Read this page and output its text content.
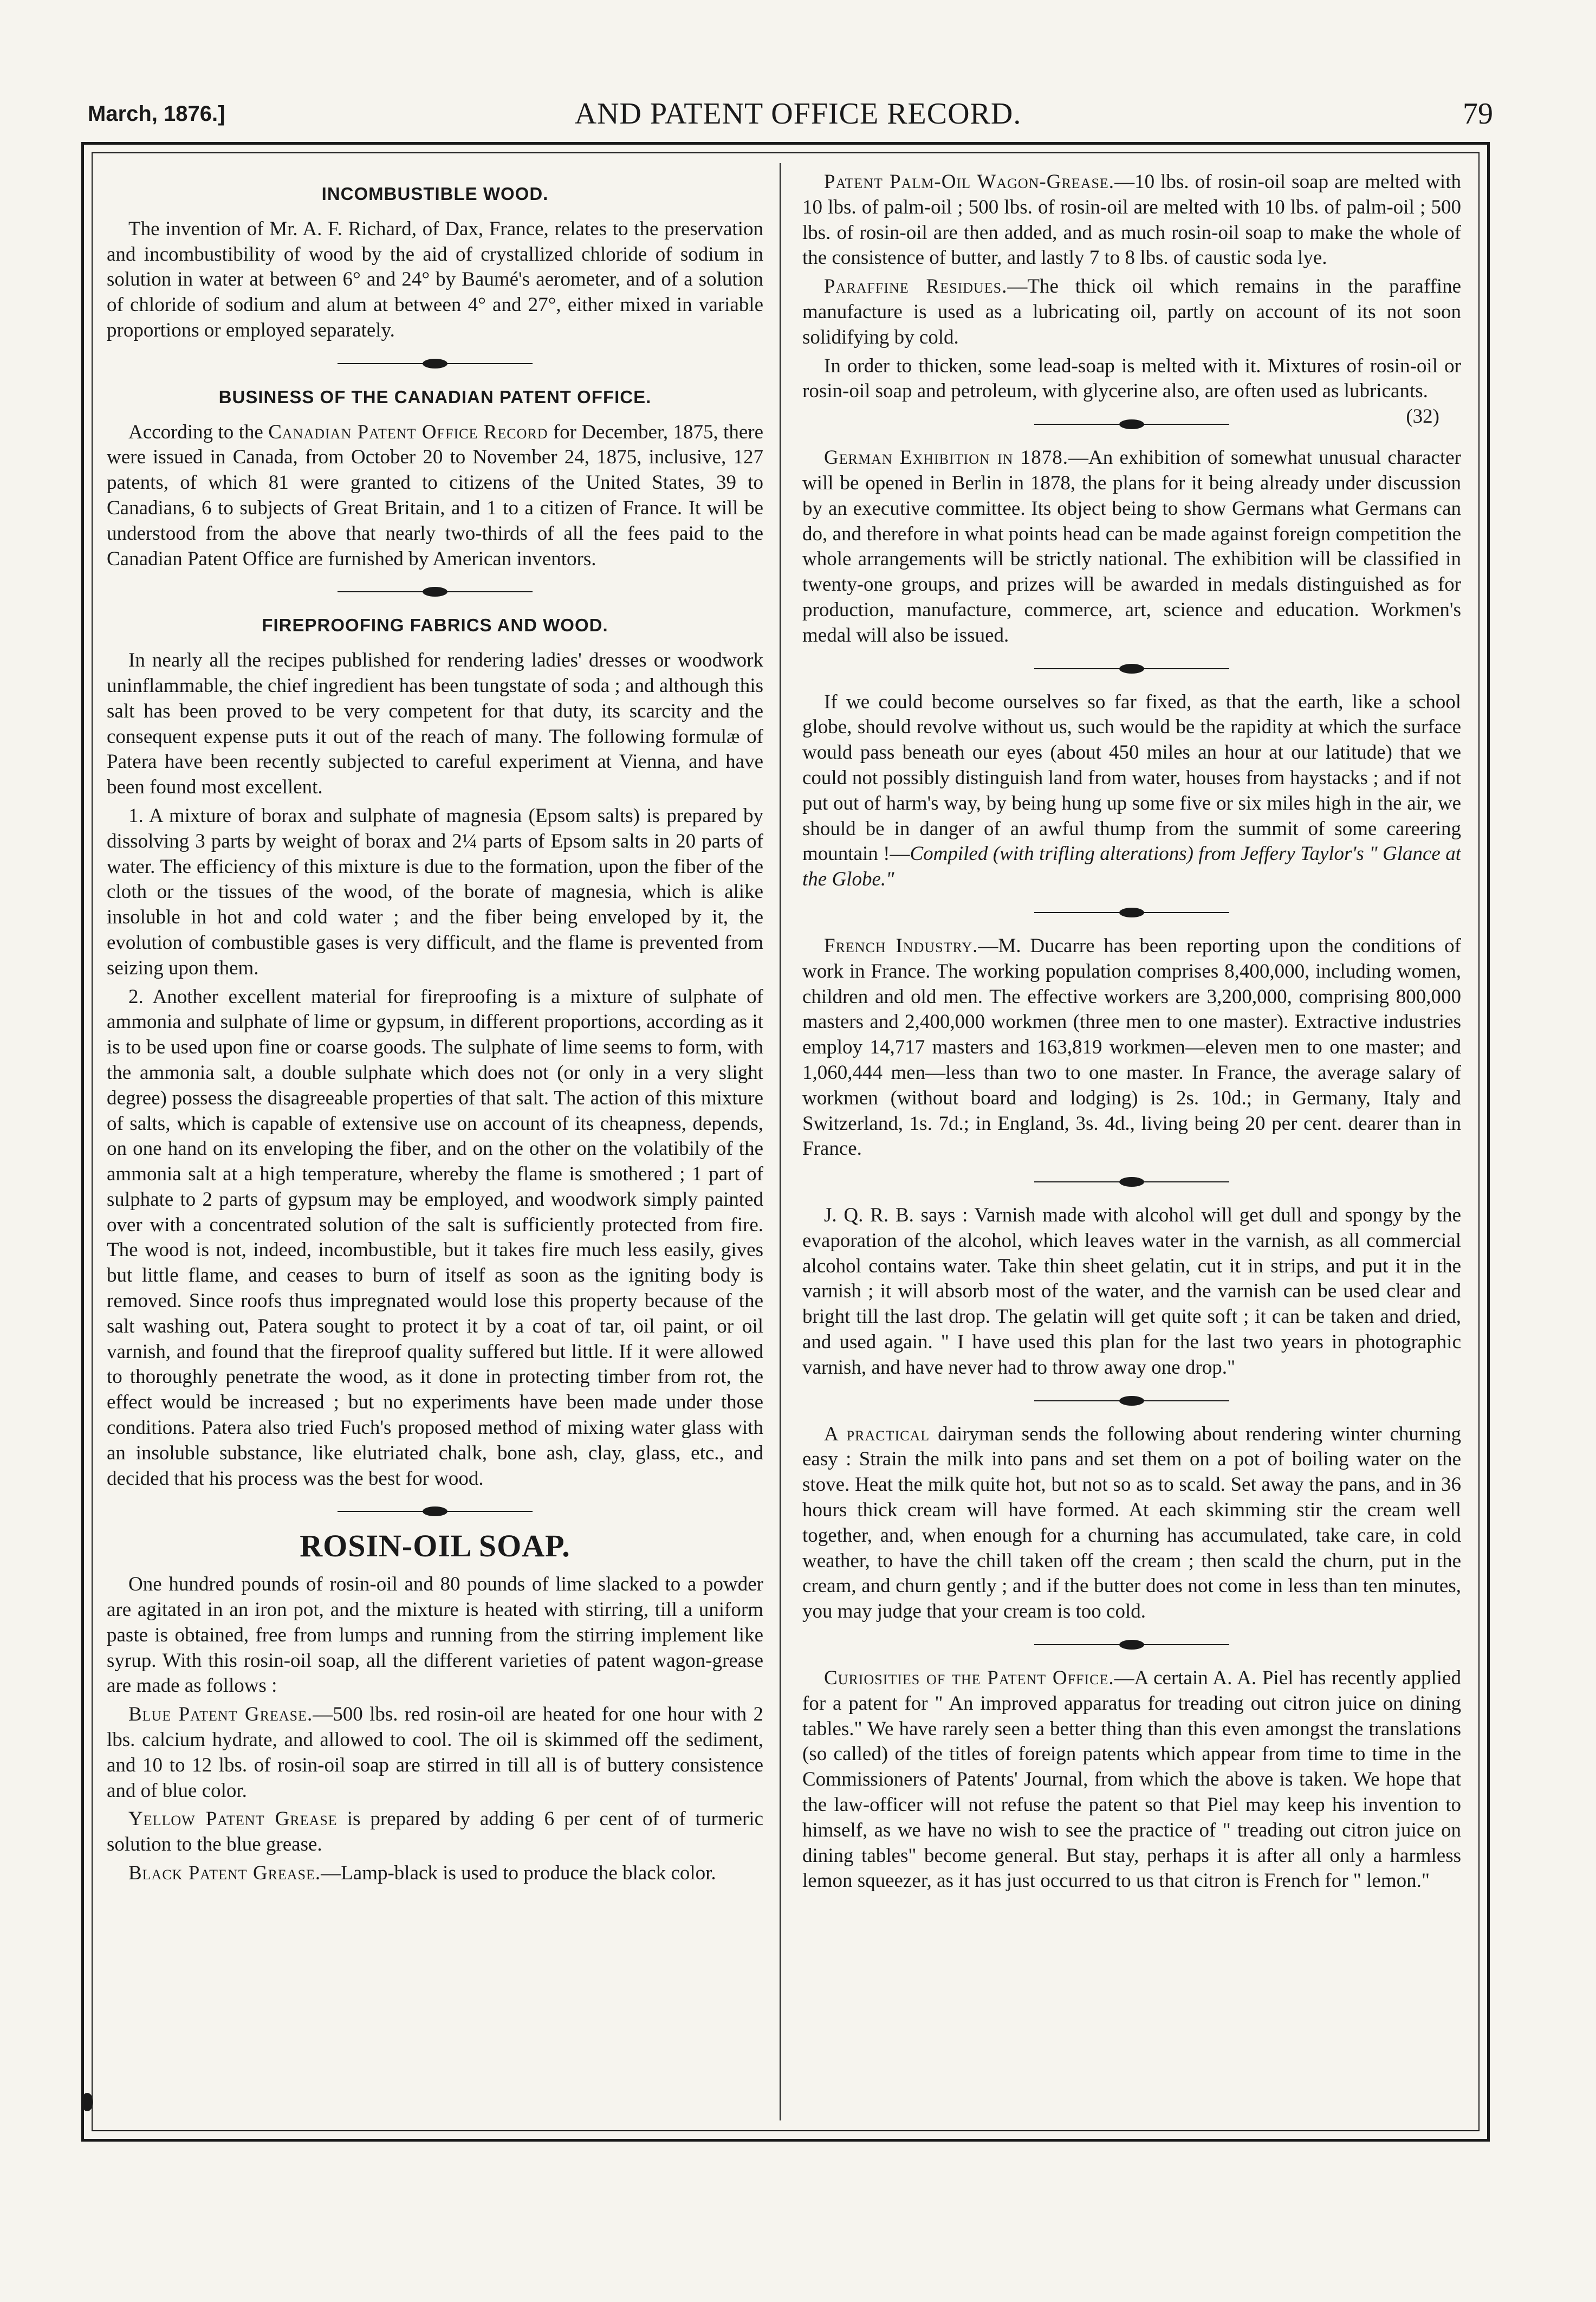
March, 1876.]	AND PATENT OFFICE RECORD.	79
INCOMBUSTIBLE WOOD.

The invention of Mr. A. F. Richard, of Dax, France, relates to the preservation and incombustibility of wood by the aid of crystallized chloride of sodium in solution in water at between 6° and 24° by Baumé's aerometer, and of a solution of chloride of sodium and alum at between 4° and 27°, either mixed in variable proportions or employed separately.

BUSINESS OF THE CANADIAN PATENT OFFICE.

According to the Canadian Patent Office Record for December, 1875, there were issued in Canada, from October 20 to November 24, 1875, inclusive, 127 patents, of which 81 were granted to citizens of the United States, 39 to Canadians, 6 to subjects of Great Britain, and 1 to a citizen of France. It will be understood from the above that nearly two-thirds of all the fees paid to the Canadian Patent Office are furnished by American inventors.

FIREPROOFING FABRICS AND WOOD.

In nearly all the recipes published for rendering ladies' dresses or woodwork uninflammable, the chief ingredient has been tungstate of soda ; and although this salt has been proved to be very competent for that duty, its scarcity and the consequent expense puts it out of the reach of many. The following formulæ of Patera have been recently subjected to careful experiment at Vienna, and have been found most excellent.

1. A mixture of borax and sulphate of magnesia (Epsom salts) is prepared by dissolving 3 parts by weight of borax and 2¼ parts of Epsom salts in 20 parts of water. The efficiency of this mixture is due to the formation, upon the fiber of the cloth or the tissues of the wood, of the borate of magnesia, which is alike insoluble in hot and cold water ; and the fiber being enveloped by it, the evolution of combustible gases is very difficult, and the flame is prevented from seizing upon them.

2. Another excellent material for fireproofing is a mixture of sulphate of ammonia and sulphate of lime or gypsum, in different proportions, according as it is to be used upon fine or coarse goods. The sulphate of lime seems to form, with the ammonia salt, a double sulphate which does not (or only in a very slight degree) possess the disagreeable properties of that salt. The action of this mixture of salts, which is capable of extensive use on account of its cheapness, depends, on one hand on its enveloping the fiber, and on the other on the volatibily of the ammonia salt at a high temperature, whereby the flame is smothered ; 1 part of sulphate to 2 parts of gypsum may be employed, and woodwork simply painted over with a concentrated solution of the salt is sufficiently protected from fire. The wood is not, indeed, incombustible, but it takes fire much less easily, gives but little flame, and ceases to burn of itself as soon as the igniting body is removed. Since roofs thus impregnated would lose this property because of the salt washing out, Patera sought to protect it by a coat of tar, oil paint, or oil varnish, and found that the fireproof quality suffered but little. If it were allowed to thoroughly penetrate the wood, as it done in protecting timber from rot, the effect would be increased ; but no experiments have been made under those conditions. Patera also tried Fuch's proposed method of mixing water glass with an insoluble substance, like elutriated chalk, bone ash, clay, glass, etc., and decided that his process was the best for wood.

ROSIN-OIL SOAP.

One hundred pounds of rosin-oil and 80 pounds of lime slacked to a powder are agitated in an iron pot, and the mixture is heated with stirring, till a uniform paste is obtained, free from lumps and running from the stirring implement like syrup. With this rosin-oil soap, all the different varieties of patent wagon-grease are made as follows :

Blue Patent Grease.—500 lbs. red rosin-oil are heated for one hour with 2 lbs. calcium hydrate, and allowed to cool. The oil is skimmed off the sediment, and 10 to 12 lbs. of rosin-oil soap are stirred in till all is of buttery consistence and of blue color.

Yellow Patent Grease is prepared by adding 6 per cent of of turmeric solution to the blue grease.

Black Patent Grease.—Lamp-black is used to produce the black color.

Patent Palm-Oil Wagon-Grease.—10 lbs. of rosin-oil soap are melted with 10 lbs. of palm-oil ; 500 lbs. of rosin-oil are melted with 10 lbs. of palm-oil ; 500 lbs. of rosin-oil are then added, and as much rosin-oil soap to make the whole of the consistence of butter, and lastly 7 to 8 lbs. of caustic soda lye.

Paraffine Residues.—The thick oil which remains in the paraffine manufacture is used as a lubricating oil, partly on account of its not soon solidifying by cold.

In order to thicken, some lead-soap is melted with it. Mixtures of rosin-oil or rosin-oil soap and petroleum, with glycerine also, are often used as lubricants.
(32)

German Exhibition in 1878.—An exhibition of somewhat unusual character will be opened in Berlin in 1878, the plans for it being already under discussion by an executive committee. Its object being to show Germans what Germans can do, and therefore in what points head can be made against foreign competition the whole arrangements will be strictly national. The exhibition will be classified in twenty-one groups, and prizes will be awarded in medals distinguished as for production, manufacture, commerce, art, science and education. Workmen's medal will also be issued.

If we could become ourselves so far fixed, as that the earth, like a school globe, should revolve without us, such would be the rapidity at which the surface would pass beneath our eyes (about 450 miles an hour at our latitude) that we could not possibly distinguish land from water, houses from haystacks ; and if not put out of harm's way, by being hung up some five or six miles high in the air, we should be in danger of an awful thump from the summit of some careering mountain !—Compiled (with trifling alterations) from Jeffery Taylor's " Glance at the Globe."

French Industry.—M. Ducarre has been reporting upon the conditions of work in France. The working population comprises 8,400,000, including women, children and old men. The effective workers are 3,200,000, comprising 800,000 masters and 2,400,000 workmen (three men to one master). Extractive industries employ 14,717 masters and 163,819 workmen—eleven men to one master; and 1,060,444 men—less than two to one master. In France, the average salary of workmen (without board and lodging) is 2s. 10d.; in Germany, Italy and Switzerland, 1s. 7d.; in England, 3s. 4d., living being 20 per cent. dearer than in France.

J. Q. R. B. says : Varnish made with alcohol will get dull and spongy by the evaporation of the alcohol, which leaves water in the varnish, as all commercial alcohol contains water. Take thin sheet gelatin, cut it in strips, and put it in the varnish ; it will absorb most of the water, and the varnish can be used clear and bright till the last drop. The gelatin will get quite soft ; it can be taken and dried, and used again. " I have used this plan for the last two years in photographic varnish, and have never had to throw away one drop."

A practical dairyman sends the following about rendering winter churning easy : Strain the milk into pans and set them on a pot of boiling water on the stove. Heat the milk quite hot, but not so as to scald. Set away the pans, and in 36 hours thick cream will have formed. At each skimming stir the cream well together, and, when enough for a churning has accumulated, take care, in cold weather, to have the chill taken off the cream ; then scald the churn, put in the cream, and churn gently ; and if the butter does not come in less than ten minutes, you may judge that your cream is too cold.

Curiosities of the Patent Office.—A certain A. A. Piel has recently applied for a patent for " An improved apparatus for treading out citron juice on dining tables." We have rarely seen a better thing than this even amongst the translations (so called) of the titles of foreign patents which appear from time to time in the Commissioners of Patents' Journal, from which the above is taken. We hope that the law-officer will not refuse the patent so that Piel may keep his invention to himself, as we have no wish to see the practice of " treading out citron juice on dining tables" become general. But stay, perhaps it is after all only a harmless lemon squeezer, as it has just occurred to us that citron is French for " lemon."
